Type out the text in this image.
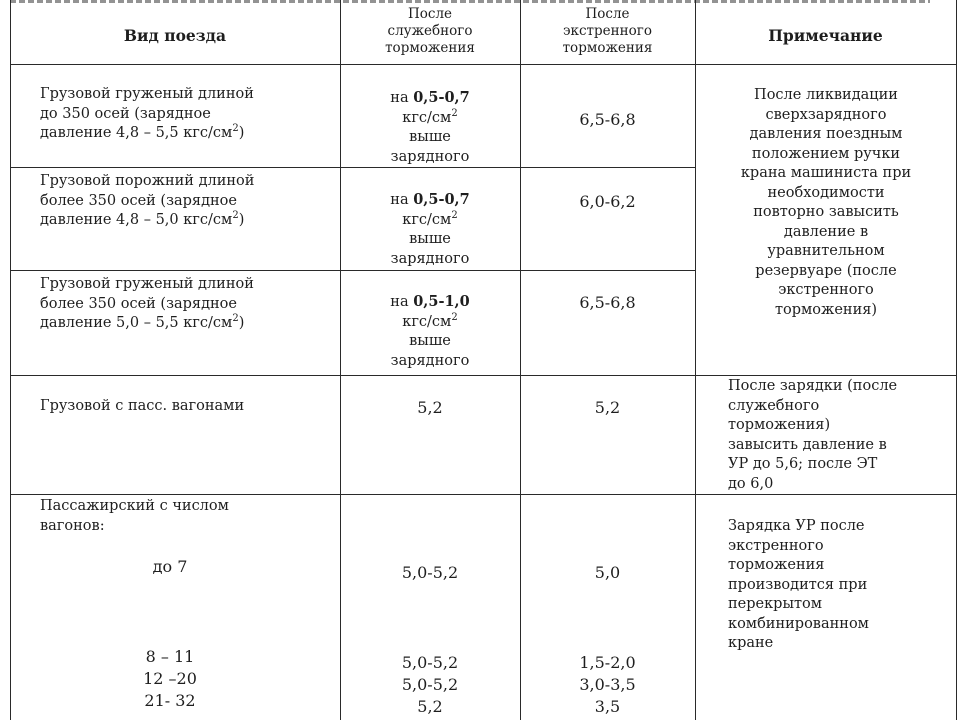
Вид поезда
После
служебного
торможения
После
экстренного
торможения
Примечание
Грузовой груженый длиной
до 350 осей (зарядное
давление 4,8 – 5,5 кгс/$см^2$)
на 0,5-0,7
кгс/$см^2$
выше
зарядного
6,5-6,8
Грузовой порожний длиной
более 350 осей (зарядное
давление 4,8 – 5,0 кгс/$см^2$)
на 0,5-0,7
кгс/$см^2$
выше
зарядного
6,0-6,2
Грузовой груженый длиной
более 350 осей (зарядное
давление 5,0 – 5,5 кгс/$см^2$)
на 0,5-1,0
кгс/$см^2$
выше
зарядного
6,5-6,8
После ликвидации
сверхзарядного
давления поездным
положением ручки
крана машиниста при
необходимости
повторно завысить
давление в
уравнительном
резервуаре (после
экстренного
торможения)
Грузовой с пасс. вагонами	5,2	5,2
После зарядки (после
служебного
торможения)
завысить давление в
УР до 5,6; после ЭТ
до 6,0
Пассажирский с числом
вагонов:
до 7
8 – 11
12 –20
21- 32
5,0-5,2
5,0-5,2
5,0-5,2
5,2
5,0
1,5-2,0
3,0-3,5
3,5
Зарядка УР после
экстренного
торможения
производится при
перекрытом
комбинированном
кране
